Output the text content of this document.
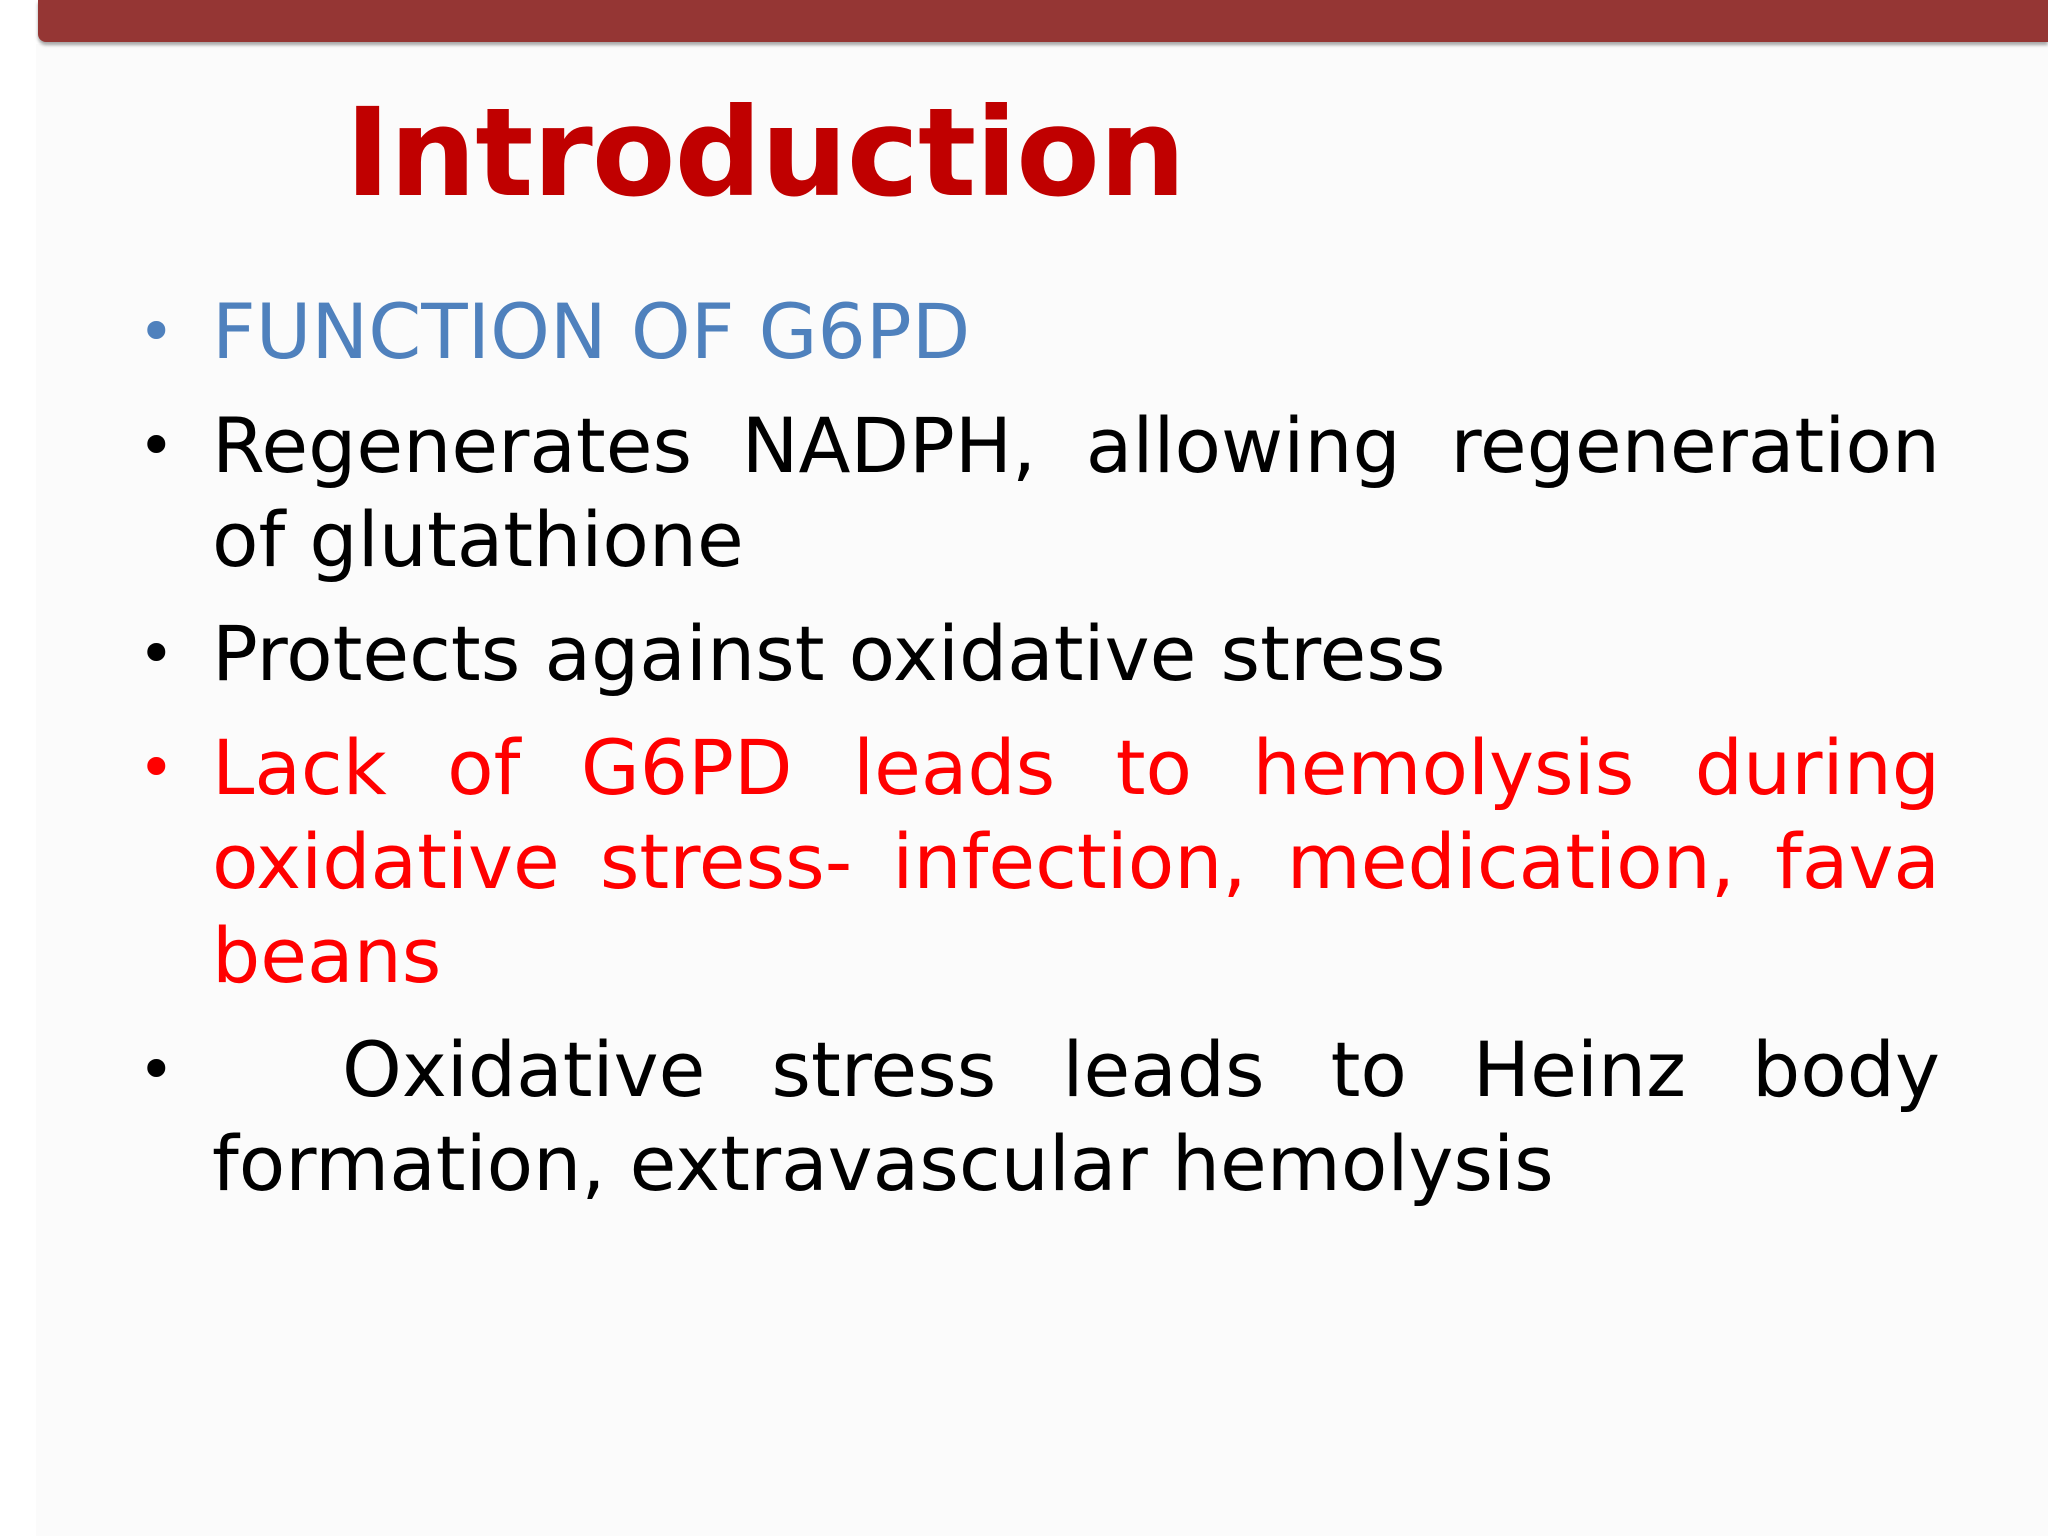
Introduction
• FUNCTION OF G6PD
• Regenerates NADPH, allowing regeneration of glutathione
• Protects against oxidative stress
• Lack of G6PD leads to hemolysis during oxidative stress- infection, medication, fava beans
•	Oxidative stress leads to Heinz body formation, extravascular hemolysis
